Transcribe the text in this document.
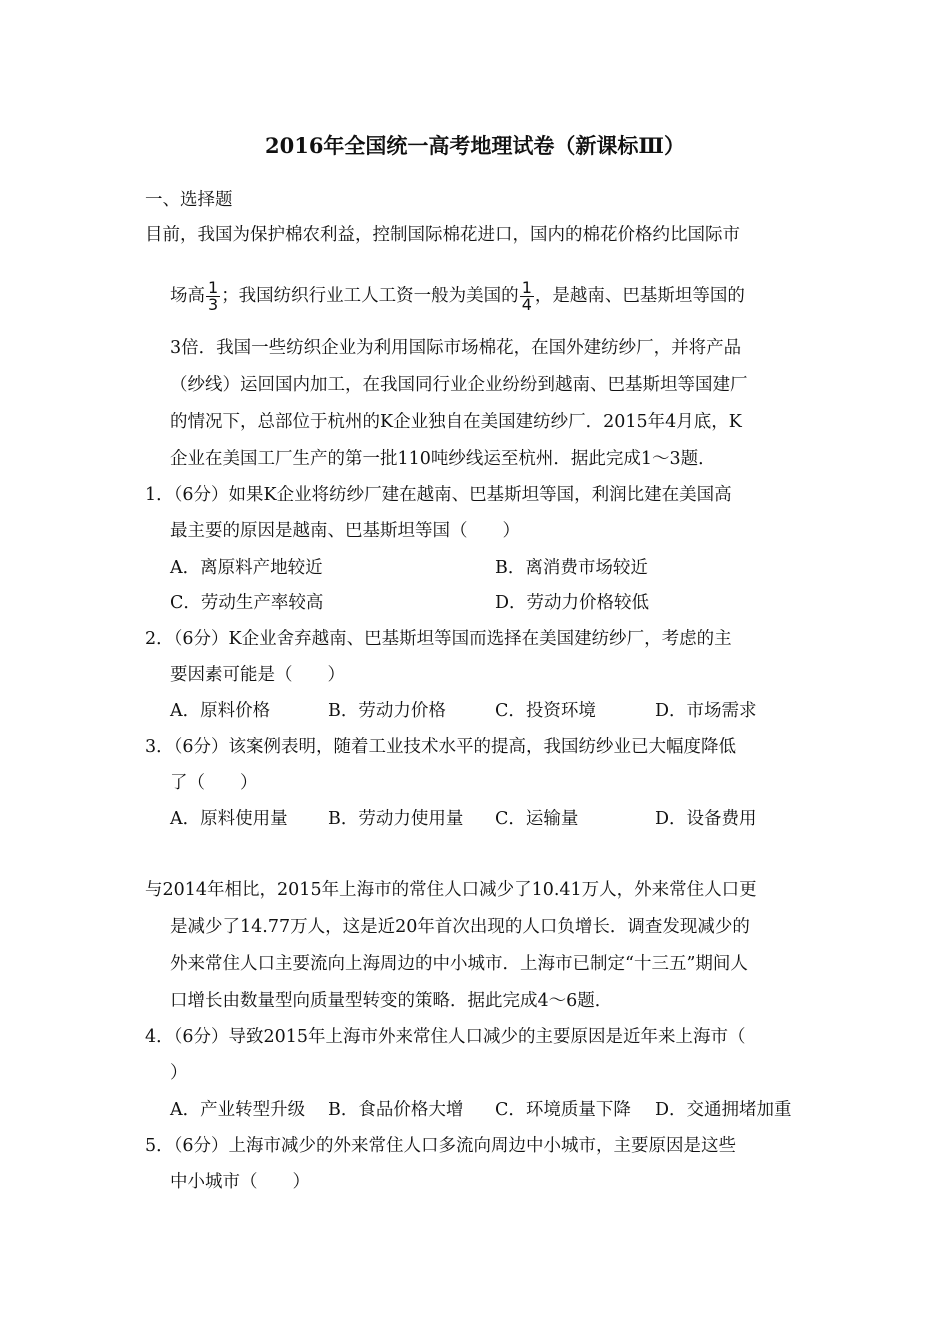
2016年全国统一高考地理试卷（新课标Ⅲ）
一、选择题
目前，我国为保护棉农利益，控制国际棉花进口，国内的棉花价格约比国际市
场高 $\frac{1}{3}$ ；我国纺织行业工人工资一般为美国的 $\frac{1}{4}$ ，是越南、巴基斯坦等国的
3倍．我国一些纺织企业为利用国际市场棉花，在国外建纺纱厂，并将产品
（纱线）运回国内加工，在我国同行业企业纷纷到越南、巴基斯坦等国建厂
的情况下，总部位于杭州的K企业独自在美国建纺纱厂．2015年4月底，K
企业在美国工厂生产的第一批110吨纱线运至杭州．据此完成1～3题．
1．（6分）如果K企业将纺纱厂建在越南、巴基斯坦等国，利润比建在美国高
最主要的原因是越南、巴基斯坦等国（　　）
A．离原料产地较近	B．离消费市场较近
C．劳动生产率较高	D．劳动力价格较低
2．（6分）K企业舍弃越南、巴基斯坦等国而选择在美国建纺纱厂，考虑的主
要因素可能是（　　）
A．原料价格	B．劳动力价格	C．投资环境	D．市场需求
3．（6分）该案例表明，随着工业技术水平的提高，我国纺纱业已大幅度降低
了（　　）
A．原料使用量 B．劳动力使用量 C．运输量	D．设备费用
与2014年相比，2015年上海市的常住人口减少了10.41万人，外来常住人口更
是减少了14.77万人，这是近20年首次出现的人口负增长．调查发现减少的
外来常住人口主要流向上海周边的中小城市．上海市已制定“十三五”期间人
口增长由数量型向质量型转变的策略．据此完成4～6题．
4．（6分）导致2015年上海市外来常住人口减少的主要原因是近年来上海市（
）
A．产业转型升级 B．食品价格大增 C．环境质量下降 D．交通拥堵加重
5．（6分）上海市减少的外来常住人口多流向周边中小城市，主要原因是这些
中小城市（　　）
